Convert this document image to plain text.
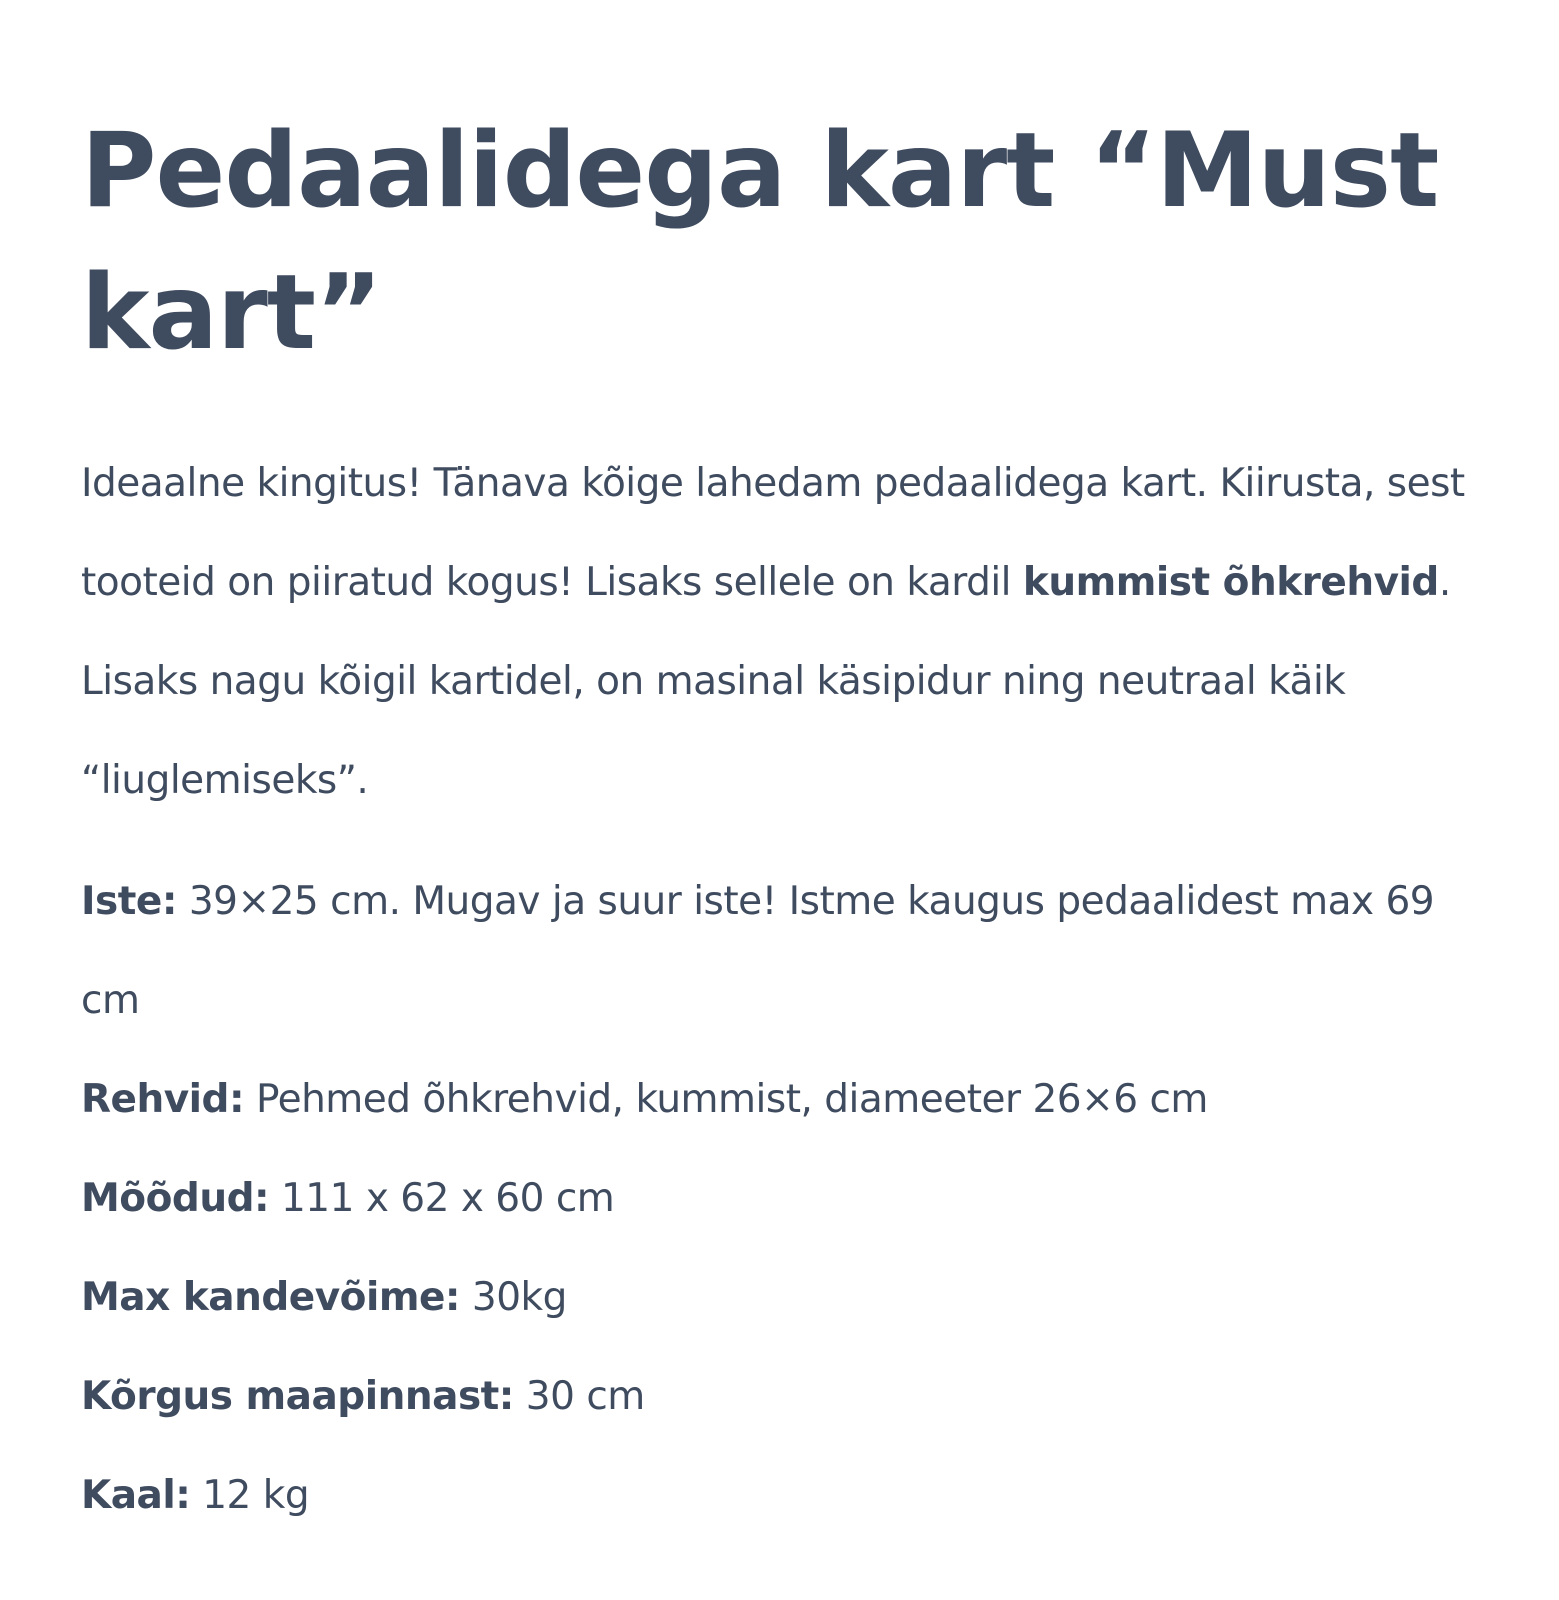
Pedaalidega kart “Must kart”

Ideaalne kingitus! Tänava kõige lahedam pedaalidega kart. Kiirusta, sest tooteid on piiratud kogus! Lisaks sellele on kardil kummist õhkrehvid. Lisaks nagu kõigil kartidel, on masinal käsipidur ning neutraal käik “liuglemiseks”.

Iste: 39×25 cm. Mugav ja suur iste! Istme kaugus pedaalidest max 69 cm
Rehvid: Pehmed õhkrehvid, kummist, diameeter 26×6 cm
Mõõdud: 111 x 62 x 60 cm
Max kandevõime: 30kg
Kõrgus maapinnast: 30 cm
Kaal: 12 kg
